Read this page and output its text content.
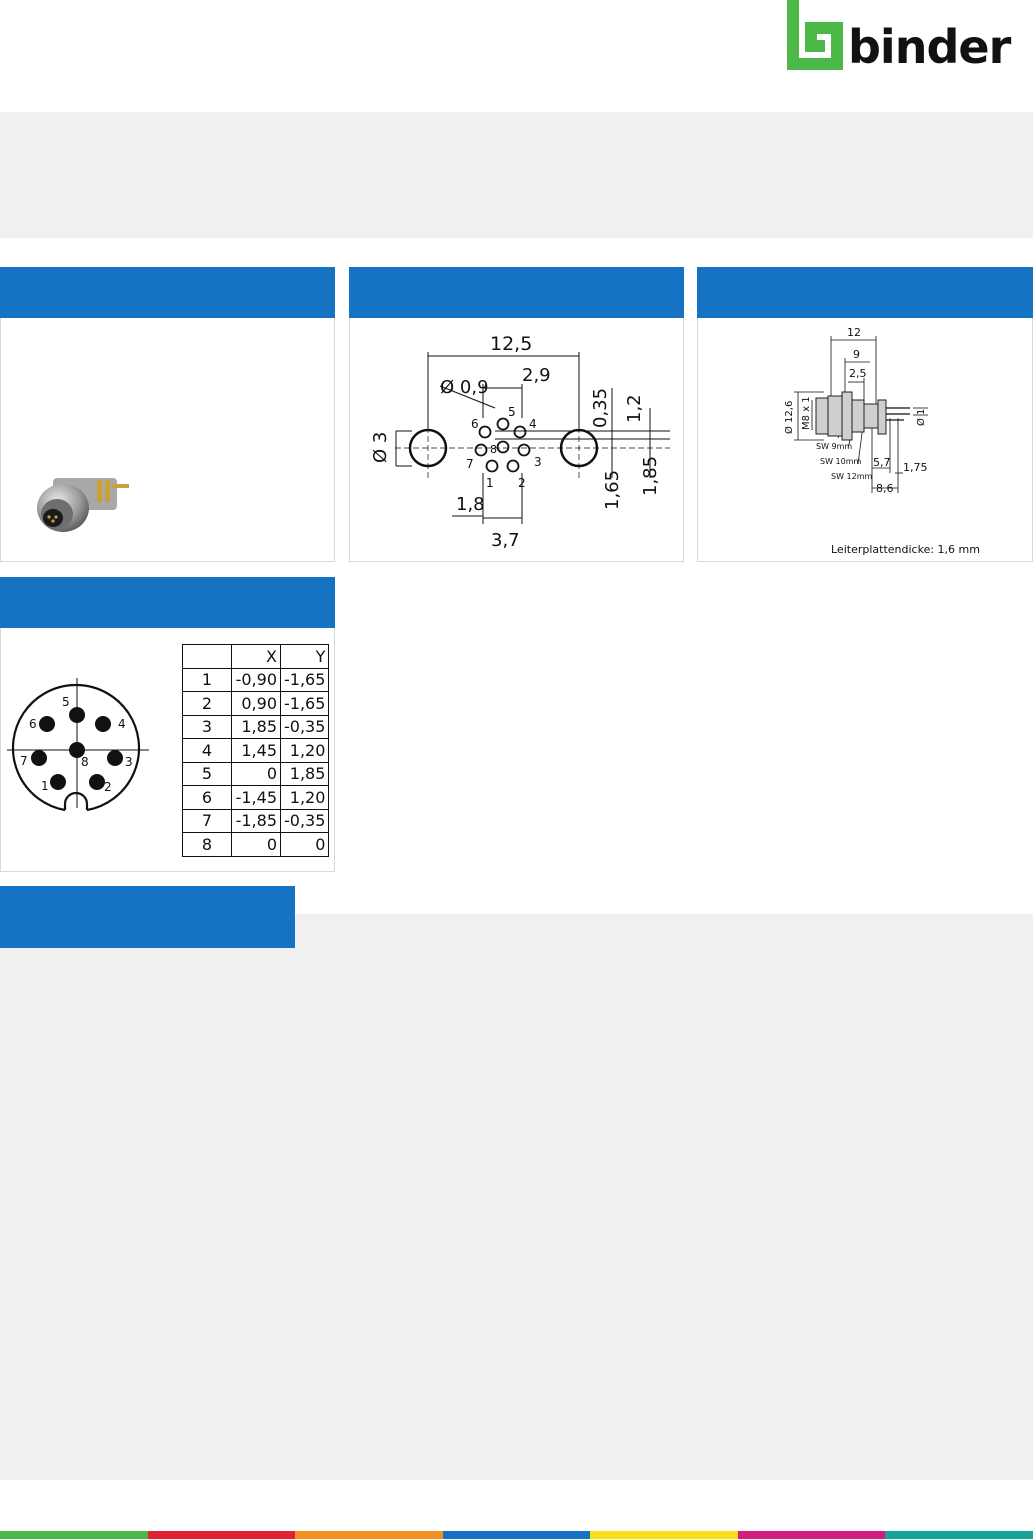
binder
12,5
Ø 0,9
2,9
0,35 1,2
Ø 3
1,8
3,7
1,65 1,85
1 2
3
4
5
6
7
8
12
9
2,5
Ø 12,6 M8 x 1	Ø 1
SW 9mm
SW 10mm
SW 12mm
5,7 1,75
8,6
Leiterplattendicke: 1,6 mm
1	2
3
4
5
6
7	8
	X	Y
1	-0,90	-1,65
2	0,90	-1,65
3	1,85	-0,35
4	1,45	1,20
5	0	1,85
6	-1,45	1,20
7	-1,85	-0,35
8	0	0
